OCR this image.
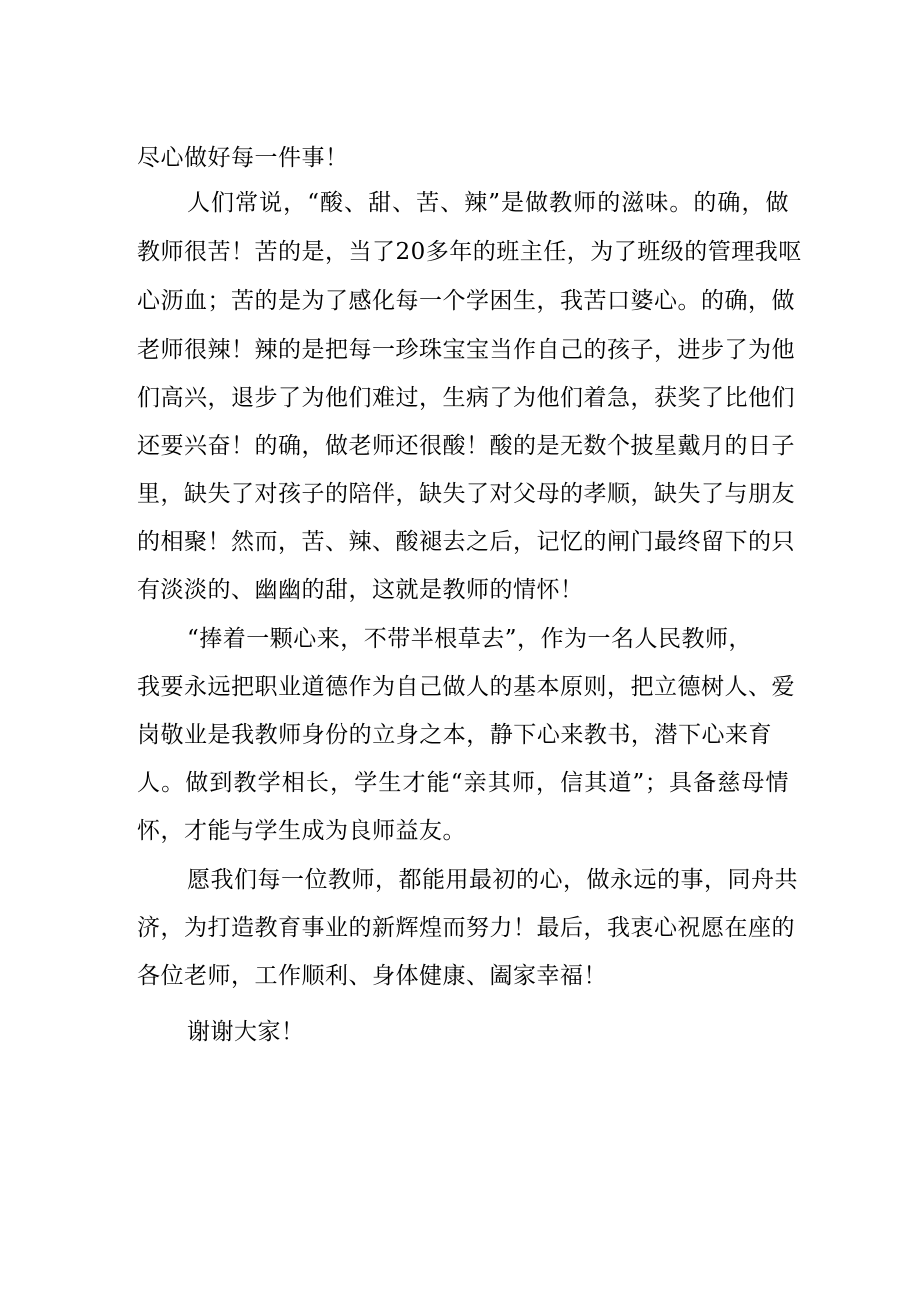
尽心做好每一件事！
人们常说，“酸、甜、苦、辣”是做教师的滋味。的确，做
教师很苦！苦的是，当了20多年的班主任，为了班级的管理我呕
心沥血；苦的是为了感化每一个学困生，我苦口婆心。的确，做
老师很辣！辣的是把每一珍珠宝宝当作自己的孩子，进步了为他
们高兴，退步了为他们难过，生病了为他们着急，获奖了比他们
还要兴奋！的确，做老师还很酸！酸的是无数个披星戴月的日子
里，缺失了对孩子的陪伴，缺失了对父母的孝顺，缺失了与朋友
的相聚！然而，苦、辣、酸褪去之后，记忆的闸门最终留下的只
有淡淡的、幽幽的甜，这就是教师的情怀！
“捧着一颗心来，不带半根草去”，作为一名人民教师，
我要永远把职业道德作为自己做人的基本原则，把立德树人、爱
岗敬业是我教师身份的立身之本，静下心来教书，潜下心来育
人。做到教学相长，学生才能“亲其师，信其道”；具备慈母情
怀，才能与学生成为良师益友。
愿我们每一位教师，都能用最初的心，做永远的事，同舟共
济，为打造教育事业的新辉煌而努力！最后，我衷心祝愿在座的
各位老师，工作顺利、身体健康、阖家幸福！
谢谢大家！
